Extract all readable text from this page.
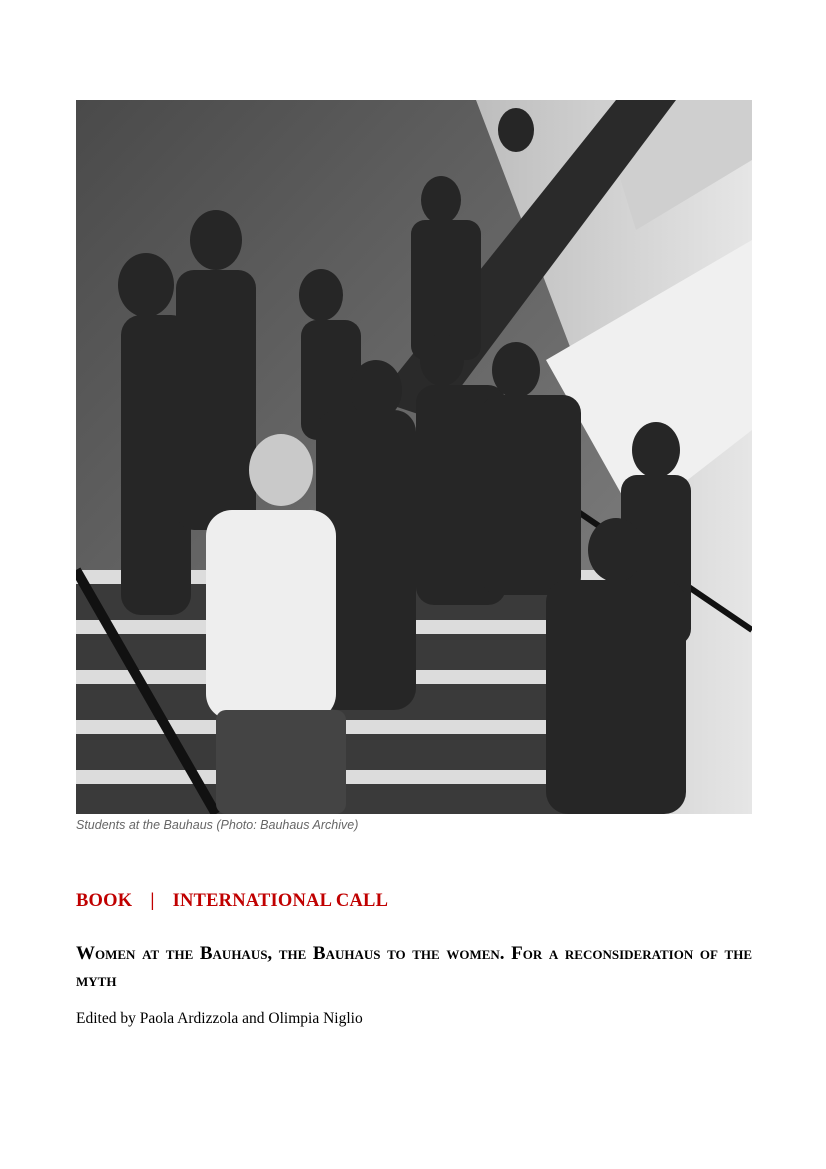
Students at the Bauhaus (Photo: Bauhaus Archive)

BOOK | INTERNATIONAL CALL

Women at the Bauhaus, the Bauhaus to the women. For a reconsideration of the myth

Edited by Paola Ardizzola and Olimpia Niglio
